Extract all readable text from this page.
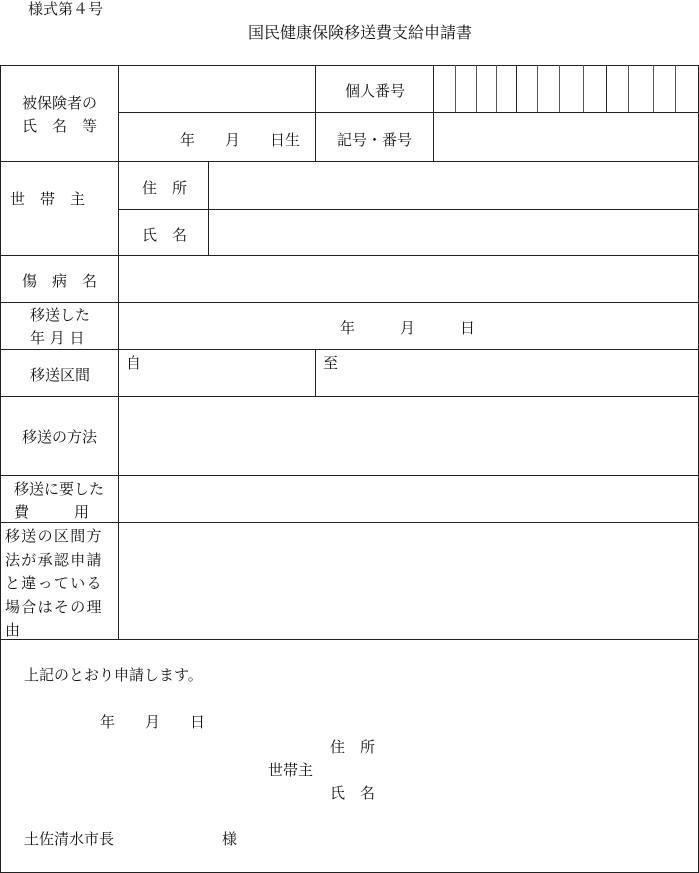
様式第４号
国民健康保険移送費支給申請書
被保険者の
氏　名　等
個人番号
年　　月　　日生 記号・番号
世　帯　主
住　所
氏　名
傷　病　名
移送した
年 月 日
年　　　月　　　日
移送区間
自	至
移送の方法
移送に要した
費　　　用
移送の区間方法が承認申請と違っている場合はその理由
上記のとおり申請します。
年　　月　　日
住　所
世帯主
氏　名
土佐清水市長	様
